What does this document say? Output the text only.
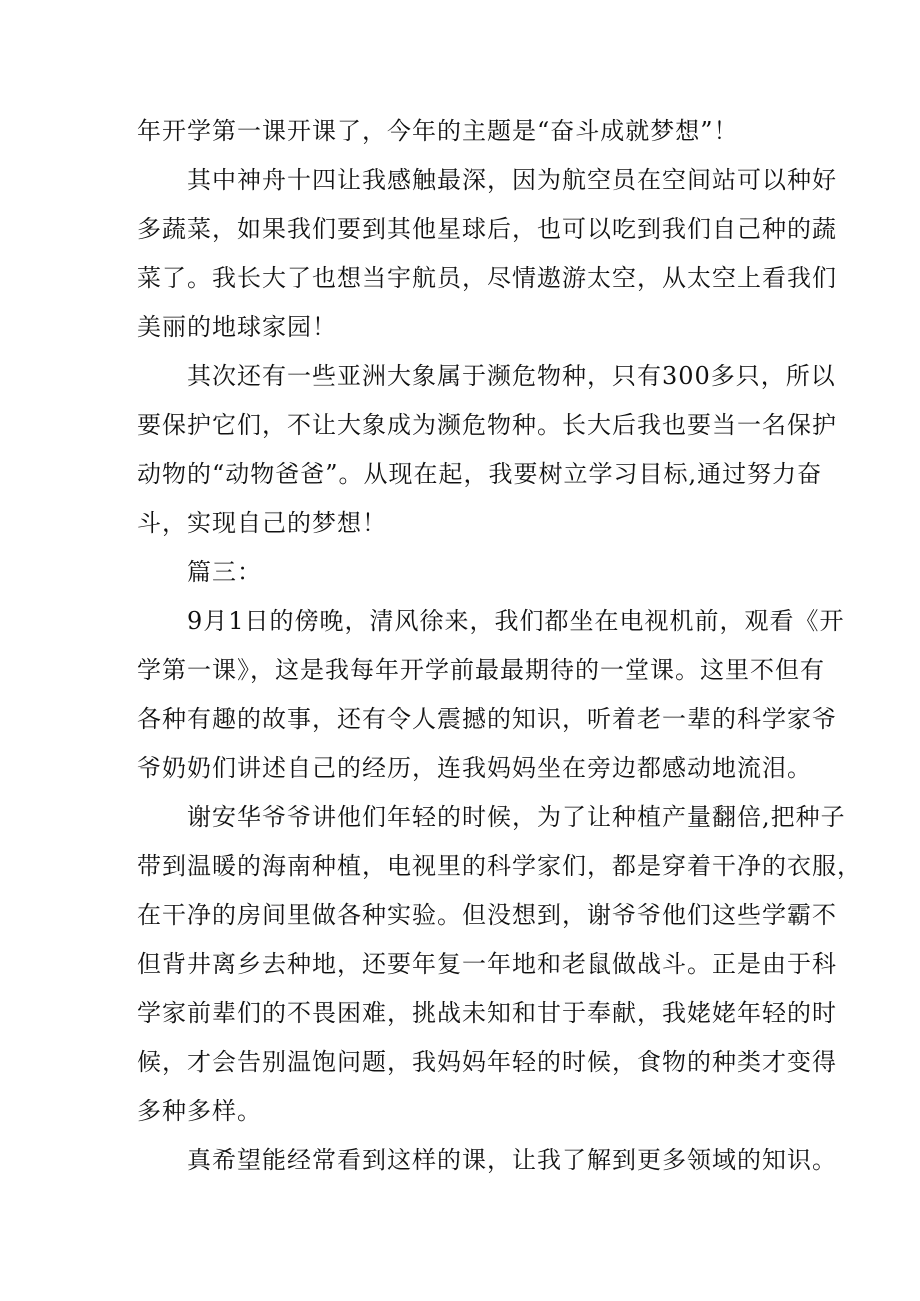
年开学第一课开课了，今年的主题是“奋斗成就梦想”！
其中神舟十四让我感触最深，因为航空员在空间站可以种好
多蔬菜，如果我们要到其他星球后，也可以吃到我们自己种的蔬
菜了。我长大了也想当宇航员，尽情遨游太空，从太空上看我们
美丽的地球家园！
其次还有一些亚洲大象属于濒危物种，只有300多只，所以
要保护它们，不让大象成为濒危物种。长大后我也要当一名保护
动物的“动物爸爸”。从现在起，我要树立学习目标,通过努力奋
斗，实现自己的梦想！
篇三：
9月1日的傍晚，清风徐来，我们都坐在电视机前，观看《开
学第一课》，这是我每年开学前最最期待的一堂课。这里不但有
各种有趣的故事，还有令人震撼的知识，听着老一辈的科学家爷
爷奶奶们讲述自己的经历，连我妈妈坐在旁边都感动地流泪。
谢安华爷爷讲他们年轻的时候，为了让种植产量翻倍,把种子
带到温暖的海南种植，电视里的科学家们，都是穿着干净的衣服，
在干净的房间里做各种实验。但没想到，谢爷爷他们这些学霸不
但背井离乡去种地，还要年复一年地和老鼠做战斗。正是由于科
学家前辈们的不畏困难，挑战未知和甘于奉献，我姥姥年轻的时
候，才会告别温饱问题，我妈妈年轻的时候，食物的种类才变得
多种多样。
真希望能经常看到这样的课，让我了解到更多领域的知识。
